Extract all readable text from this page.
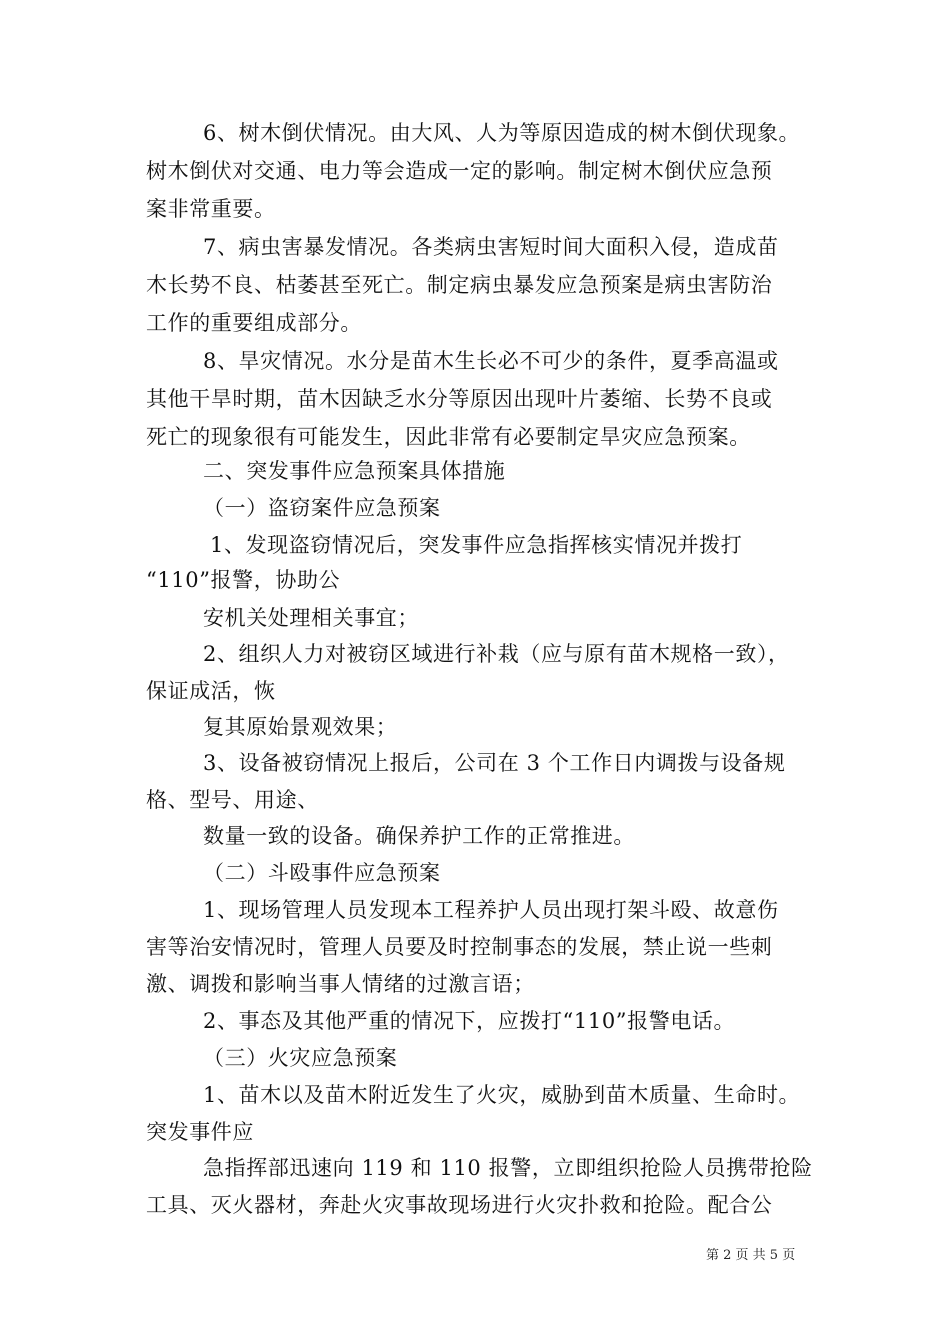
6、树木倒伏情况。由大风、人为等原因造成的树木倒伏现象。
树木倒伏对交通、电力等会造成一定的影响。制定树木倒伏应急预
案非常重要。
7、病虫害暴发情况。各类病虫害短时间大面积入侵，造成苗
木长势不良、枯萎甚至死亡。制定病虫暴发应急预案是病虫害防治
工作的重要组成部分。
8、旱灾情况。水分是苗木生长必不可少的条件，夏季高温或
其他干旱时期，苗木因缺乏水分等原因出现叶片萎缩、长势不良或
死亡的现象很有可能发生，因此非常有必要制定旱灾应急预案。
二、突发事件应急预案具体措施
（一）盗窃案件应急预案
1、发现盗窃情况后，突发事件应急指挥核实情况并拨打
“110”报警，协助公
安机关处理相关事宜；
2、组织人力对被窃区域进行补栽（应与原有苗木规格一致），
保证成活，恢
复其原始景观效果；
3、设备被窃情况上报后，公司在 3 个工作日内调拨与设备规
格、型号、用途、
数量一致的设备。确保养护工作的正常推进。
（二）斗殴事件应急预案
1、现场管理人员发现本工程养护人员出现打架斗殴、故意伤
害等治安情况时，管理人员要及时控制事态的发展，禁止说一些刺
激、调拨和影响当事人情绪的过激言语；
2、事态及其他严重的情况下，应拨打“110”报警电话。
（三）火灾应急预案
1、苗木以及苗木附近发生了火灾，威胁到苗木质量、生命时。
突发事件应
急指挥部迅速向 119 和 110 报警，立即组织抢险人员携带抢险
工具、灭火器材，奔赴火灾事故现场进行火灾扑救和抢险。配合公
第 2 页 共 5 页
